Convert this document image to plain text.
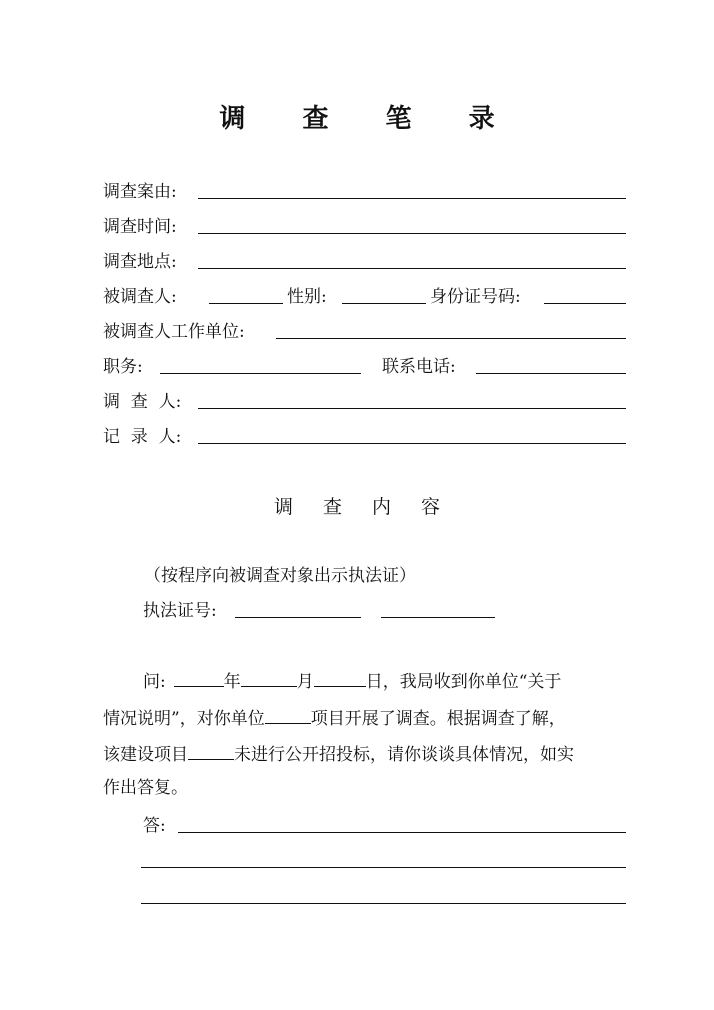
调 查 笔 录
调查案由:
调查时间:
调查地点:
被调查人:	性别:	身份证号码:
被调查人工作单位:
职务:	联系电话:
调  查  人:
记  录  人:
调 查 内 容
（按程序向被调查对象出示执法证）
执法证号:
问:	年	月	日，我局收到你单位“关于
情况说明”，对你单位	项目开展了调查。根据调查了解，
该建设项目	未进行公开招投标，请你谈谈具体情况，如实
作出答复。
答:
